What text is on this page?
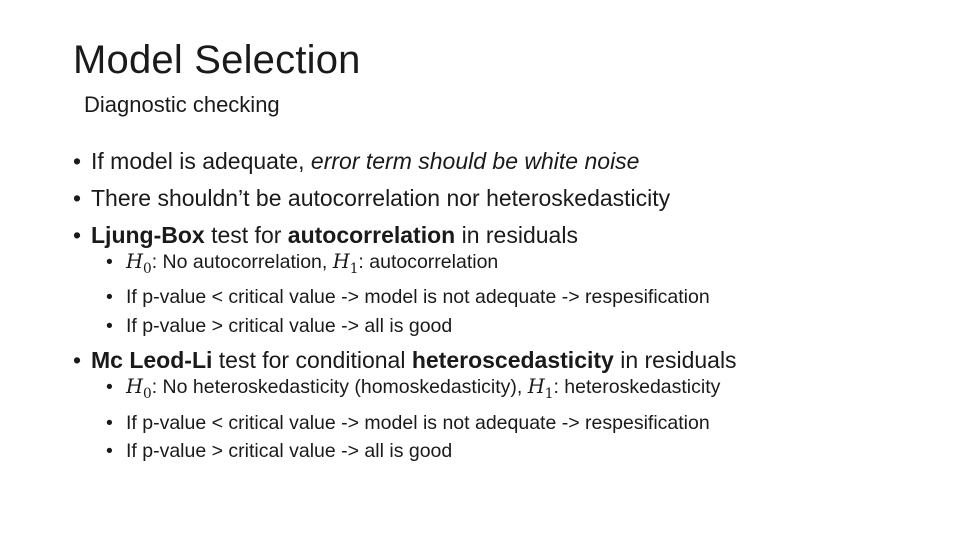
Model Selection
Diagnostic checking
• If model is adequate, error term should be white noise
• There shouldn’t be autocorrelation nor heteroskedasticity
• Ljung-Box test for autocorrelation in residuals
• $H_0$: No autocorrelation, $H_1$: autocorrelation
• If p-value < critical value -> model is not adequate -> respesification
• If p-value > critical value -> all is good
• Mc Leod-Li test for conditional heteroscedasticity in residuals
• $H_0$: No heteroskedasticity (homoskedasticity), $H_1$: heteroskedasticity
• If p-value < critical value -> model is not adequate -> respesification
• If p-value > critical value -> all is good
